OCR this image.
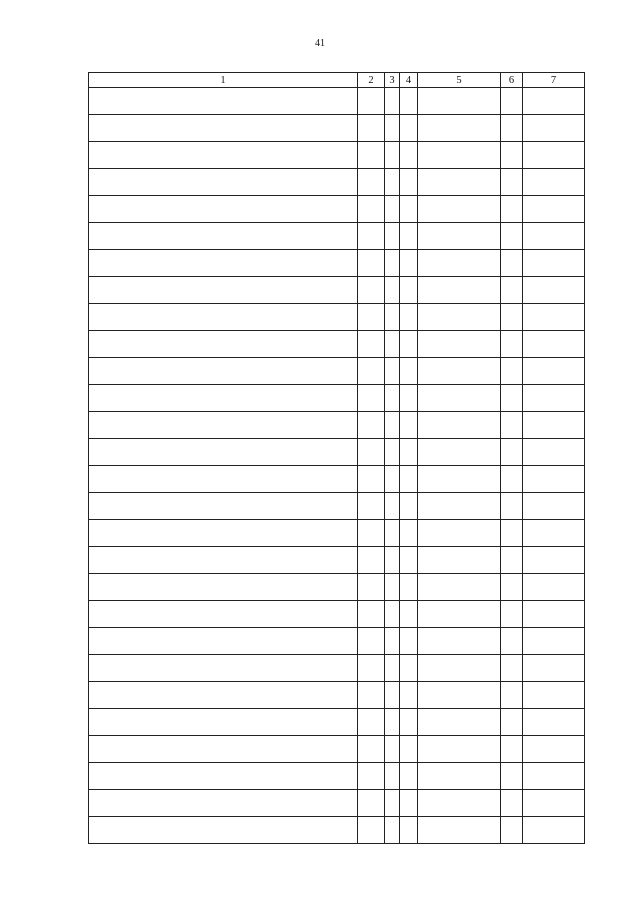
41
1	2	3	4	5	6	7
